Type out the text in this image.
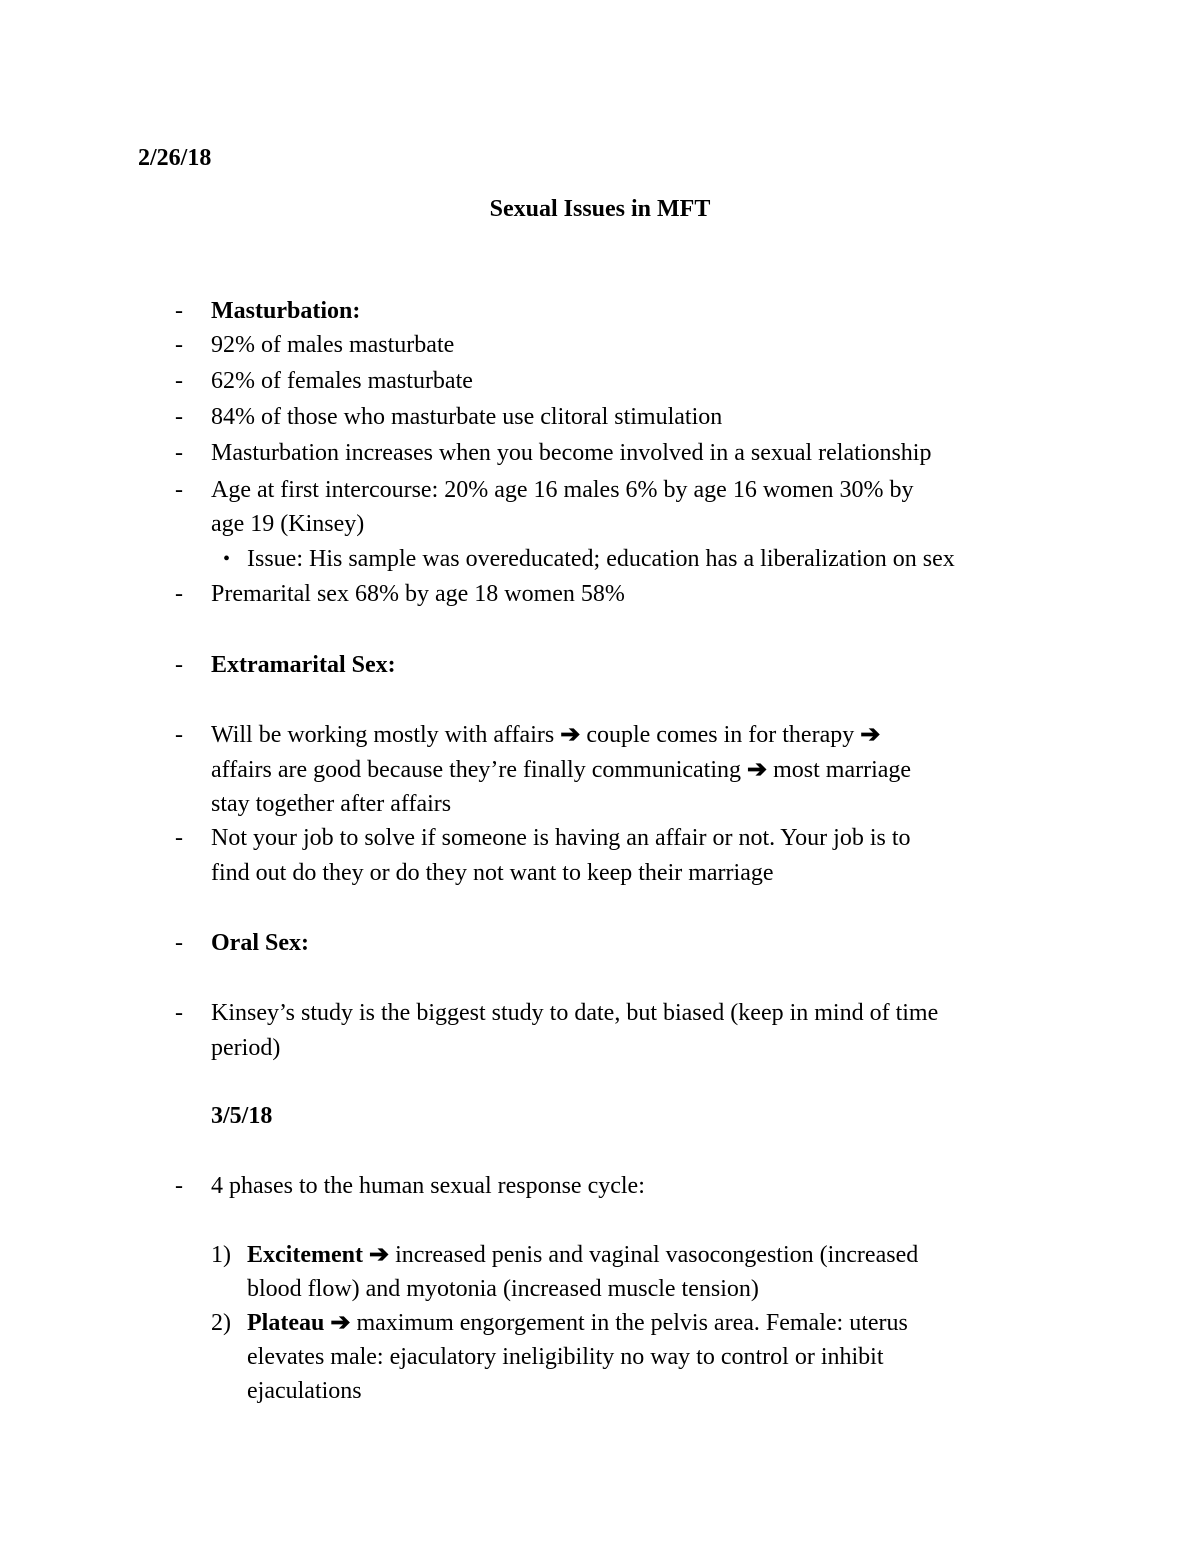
2/26/18
Sexual Issues in MFT
- Masturbation:
- 92% of males masturbate
- 62% of females masturbate
- 84% of those who masturbate use clitoral stimulation
- Masturbation increases when you become involved in a sexual relationship
- Age at first intercourse: 20% age 16 males 6% by age 16 women 30% by
age 19 (Kinsey)
• Issue: His sample was overeducated; education has a liberalization on sex
- Premarital sex 68% by age 18 women 58%
- Extramarital Sex:
- Will be working mostly with affairs ➔ couple comes in for therapy ➔
affairs are good because they’re finally communicating ➔ most marriage
stay together after affairs
- Not your job to solve if someone is having an affair or not. Your job is to
find out do they or do they not want to keep their marriage
- Oral Sex:
- Kinsey’s study is the biggest study to date, but biased (keep in mind of time
period)
3/5/18
- 4 phases to the human sexual response cycle:
1) Excitement ➔ increased penis and vaginal vasocongestion (increased
blood flow) and myotonia (increased muscle tension)
2) Plateau ➔ maximum engorgement in the pelvis area. Female: uterus
elevates male: ejaculatory ineligibility no way to control or inhibit
ejaculations
